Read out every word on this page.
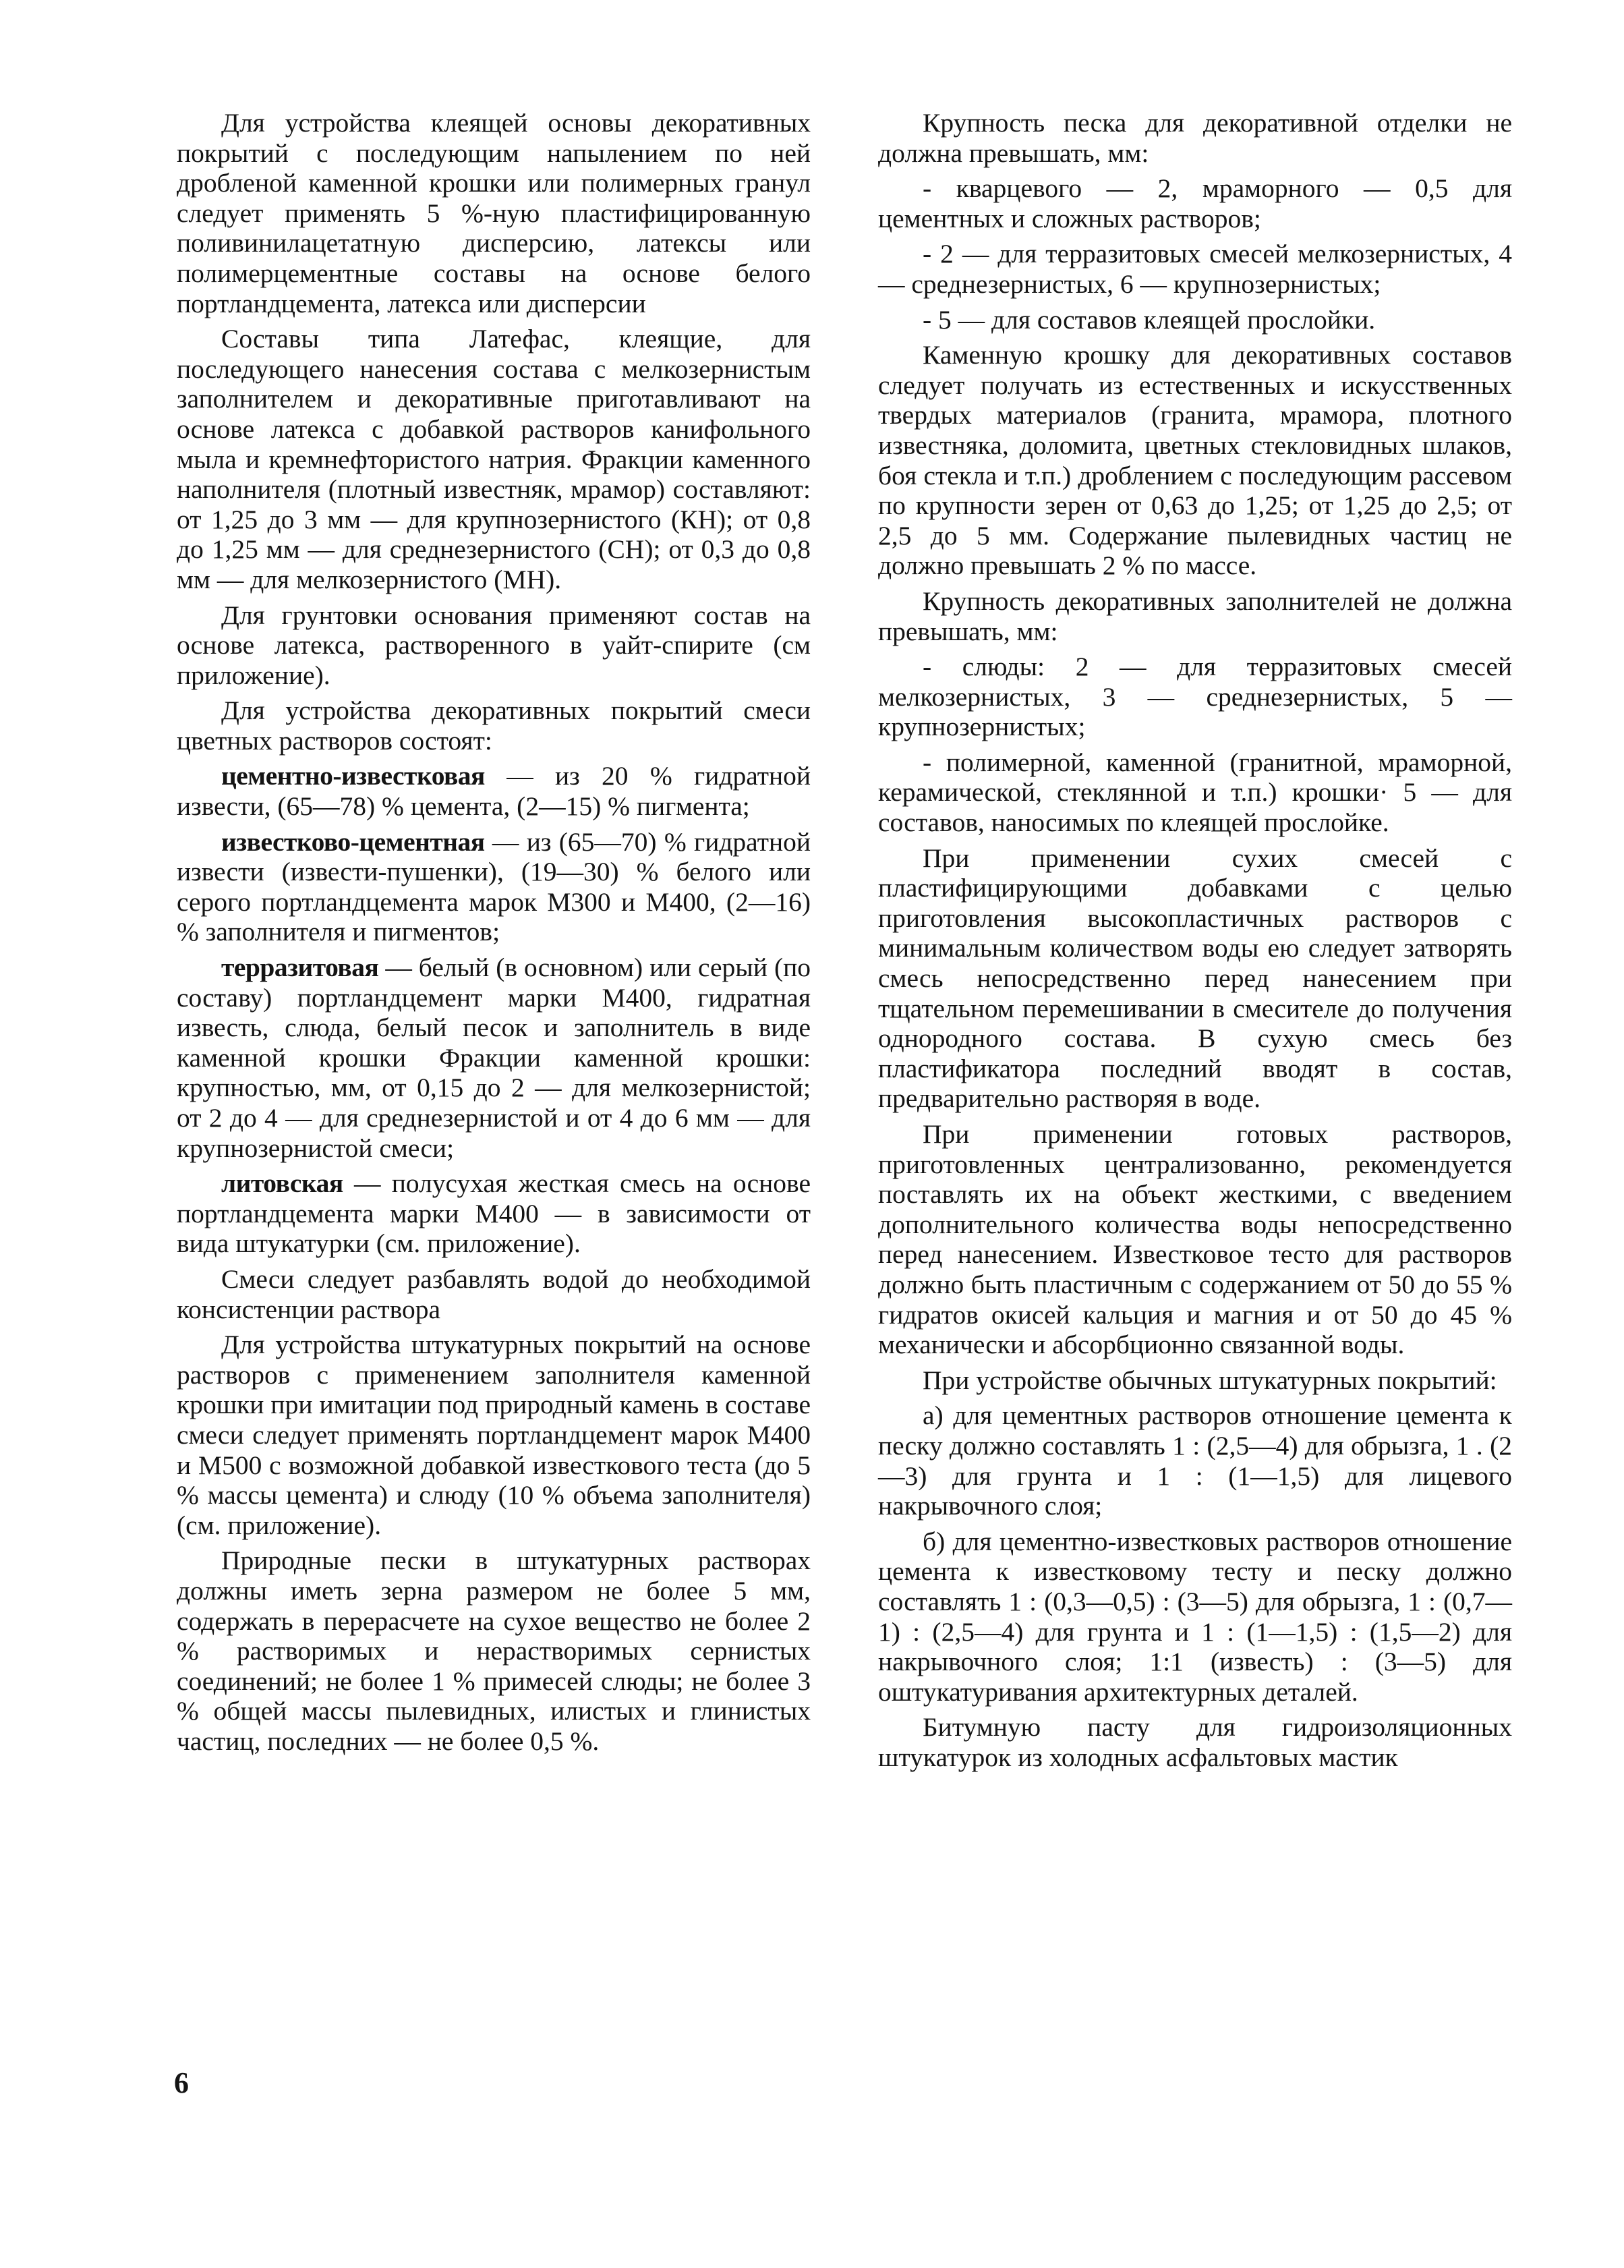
Для устройства клеящей основы декоративных покрытий с последующим напылением по ней дробленой каменной крошки или полимерных гранул следует применять 5 %-ную пластифицированную поливинилацетатную дисперсию, латексы или полимерцементные составы на основе белого портландцемента, латекса или дисперсии

Составы типа Латефас, клеящие, для последующего нанесения состава с мелкозернистым заполнителем и декоративные приготавливают на основе латекса с добавкой растворов канифольного мыла и кремнефтористого натрия. Фракции каменного наполнителя (плотный известняк, мрамор) составляют: от 1,25 до 3 мм — для крупнозернистого (КН); от 0,8 до 1,25 мм — для среднезернистого (СН); от 0,3 до 0,8 мм — для мелкозернистого (МН).

Для грунтовки основания применяют состав на основе латекса, растворенного в уайт-спирите (см приложение).

Для устройства декоративных покрытий смеси цветных растворов состоят:

цементно-известковая — из 20 % гидратной извести, (65—78) % цемента, (2—15) % пигмента;

известково-цементная — из (65—70) % гидратной извести (извести-пушенки), (19—30) % белого или серого портландцемента марок М300 и М400, (2—16) % заполнителя и пигментов;

терразитовая — белый (в основном) или серый (по составу) портландцемент марки М400, гидратная известь, слюда, белый песок и заполнитель в виде каменной крошки Фракции каменной крошки: крупностью, мм, от 0,15 до 2 — для мелкозернистой; от 2 до 4 — для среднезернистой и от 4 до 6 мм — для крупнозернистой смеси;

литовская — полусухая жесткая смесь на основе портландцемента марки М400 — в зависимости от вида штукатурки (см. приложение).

Смеси следует разбавлять водой до необходимой консистенции раствора

Для устройства штукатурных покрытий на основе растворов с применением заполнителя каменной крошки при имитации под природный камень в составе смеси следует применять портландцемент марок М400 и М500 с возможной добавкой известкового теста (до 5 % массы цемента) и слюду (10 % объема заполнителя) (см. приложение).

Природные пески в штукатурных растворах должны иметь зерна размером не более 5 мм, содержать в перерасчете на сухое вещество не более 2 % растворимых и нерастворимых сернистых соединений; не более 1 % примесей слюды; не более 3 % общей массы пылевидных, илистых и глинистых частиц, последних — не более 0,5 %.

Крупность песка для декоративной отделки не должна превышать, мм:

- кварцевого — 2, мраморного — 0,5 для цементных и сложных растворов;

- 2 — для терразитовых смесей мелкозернистых, 4 — среднезернистых, 6 — крупнозернистых;

- 5 — для составов клеящей прослойки.

Каменную крошку для декоративных составов следует получать из естественных и искусственных твердых материалов (гранита, мрамора, плотного известняка, доломита, цветных стекловидных шлаков, боя стекла и т.п.) дроблением с последующим рассевом по крупности зерен от 0,63 до 1,25; от 1,25 до 2,5; от 2,5 до 5 мм. Содержание пылевидных частиц не должно превышать 2 % по массе.

Крупность декоративных заполнителей не должна превышать, мм:

- слюды: 2 — для терразитовых смесей мелкозернистых, 3 — среднезернистых, 5 — крупнозернистых;

- полимерной, каменной (гранитной, мраморной, керамической, стеклянной и т.п.) крошки· 5 — для составов, наносимых по клеящей прослойке.

При применении сухих смесей с пластифицирующими добавками с целью приготовления высокопластичных растворов с минимальным количеством воды ею следует затворять смесь непосредственно перед нанесением при тщательном перемешивании в смесителе до получения однородного состава. В сухую смесь без пластификатора последний вводят в состав, предварительно растворяя в воде.

При применении готовых растворов, приготовленных централизованно, рекомендуется поставлять их на объект жесткими, с введением дополнительного количества воды непосредственно перед нанесением. Известковое тесто для растворов должно быть пластичным с содержанием от 50 до 55 % гидратов окисей кальция и магния и от 50 до 45 % механически и абсорбционно связанной воды.

При устройстве обычных штукатурных покрытий:

а) для цементных растворов отношение цемента к песку должно составлять 1 : (2,5—4) для обрызга, 1 . (2—3) для грунта и 1 : (1—1,5) для лицевого накрывочного слоя;

б) для цементно-известковых растворов отношение цемента к известковому тесту и песку должно составлять 1 : (0,3—0,5) : (3—5) для обрызга, 1 : (0,7—1) : (2,5—4) для грунта и 1 : (1—1,5) : (1,5—2) для накрывочного слоя; 1:1 (известь) : (3—5) для оштукатуривания архитектурных деталей.

Битумную пасту для гидроизоляционных штукатурок из холодных асфальтовых мастик

6
